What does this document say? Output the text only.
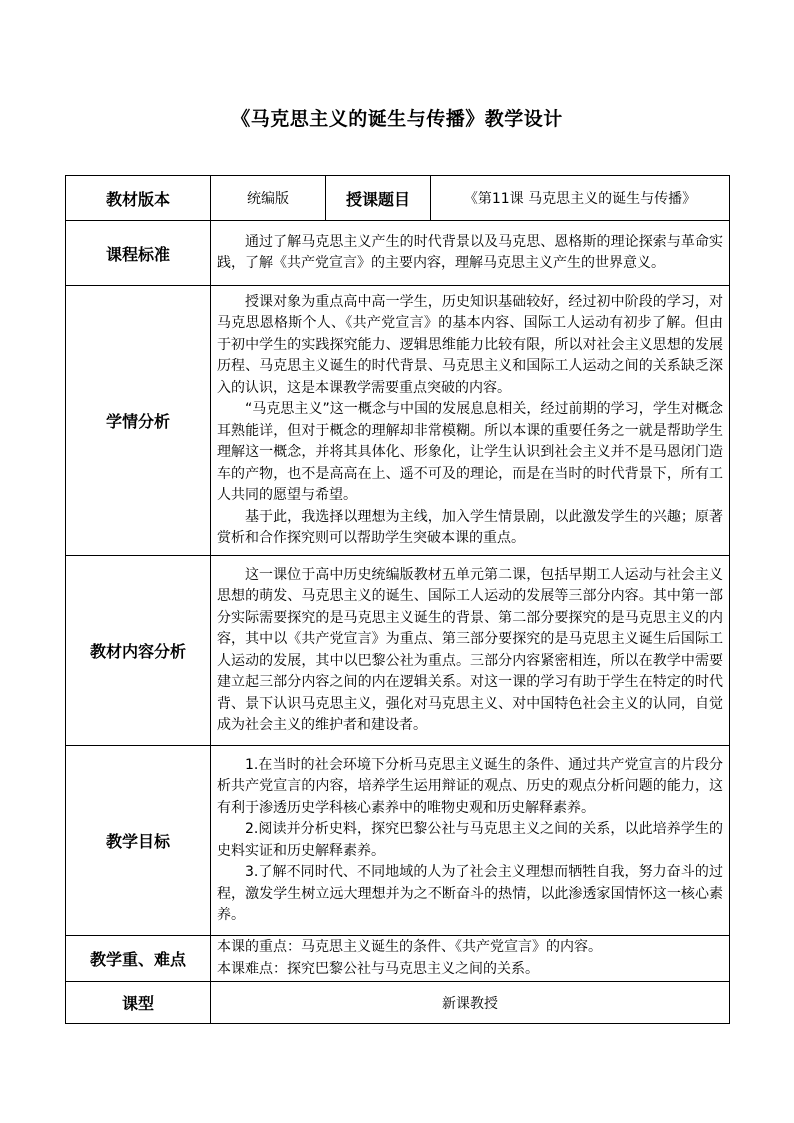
《马克思主义的诞生与传播》教学设计
教材版本	统编版	授课题目	《第11课 马克思主义的诞生与传播》
课程标准	通过了解马克思主义产生的时代背景以及马克思、恩格斯的理论探索与革命实践，了解《共产党宣言》的主要内容，理解马克思主义产生的世界意义。		

学情分析	授课对象为重点高中高一学生，历史知识基础较好，经过初中阶段的学习，对马克思恩格斯个人、《共产党宣言》的基本内容、国际工人运动有初步了解。但由于初中学生的实践探究能力、逻辑思维能力比较有限，所以对社会主义思想的发展历程、马克思主义诞生的时代背景、马克思主义和国际工人运动之间的关系缺乏深入的认识，这是本课教学需要重点突破的内容。

“马克思主义”这一概念与中国的发展息息相关，经过前期的学习，学生对概念耳熟能详，但对于概念的理解却非常模糊。所以本课的重要任务之一就是帮助学生理解这一概念，并将其具体化、形象化，让学生认识到社会主义并不是马恩闭门造车的产物，也不是高高在上、遥不可及的理论，而是在当时的时代背景下，所有工人共同的愿望与希望。

基于此，我选择以理想为主线，加入学生情景剧，以此激发学生的兴趣；原著赏析和合作探究则可以帮助学生突破本课的重点。		

教材内容分析	这一课位于高中历史统编版教材五单元第二课，包括早期工人运动与社会主义思想的萌发、马克思主义的诞生、国际工人运动的发展等三部分内容。其中第一部分实际需要探究的是马克思主义诞生的背景、第二部分要探究的是马克思主义的内容，其中以《共产党宣言》为重点、第三部分要探究的是马克思主义诞生后国际工人运动的发展，其中以巴黎公社为重点。三部分内容紧密相连，所以在教学中需要建立起三部分内容之间的内在逻辑关系。对这一课的学习有助于学生在特定的时代背、景下认识马克思主义，强化对马克思主义、对中国特色社会主义的认同，自觉成为社会主义的维护者和建设者。		

教学目标	1.在当时的社会环境下分析马克思主义诞生的条件、通过共产党宣言的片段分析共产党宣言的内容，培养学生运用辩证的观点、历史的观点分析问题的能力，这有利于渗透历史学科核心素养中的唯物史观和历史解释素养。

2.阅读并分析史料，探究巴黎公社与马克思主义之间的关系，以此培养学生的史料实证和历史解释素养。

3.了解不同时代、不同地域的人为了社会主义理想而牺牲自我，努力奋斗的过程，激发学生树立远大理想并为之不断奋斗的热情，以此渗透家国情怀这一核心素养。		

教学重、难点	本课的重点：马克思主义诞生的条件、《共产党宣言》的内容。

本课难点：探究巴黎公社与马克思主义之间的关系。		

课型	新课教授		
